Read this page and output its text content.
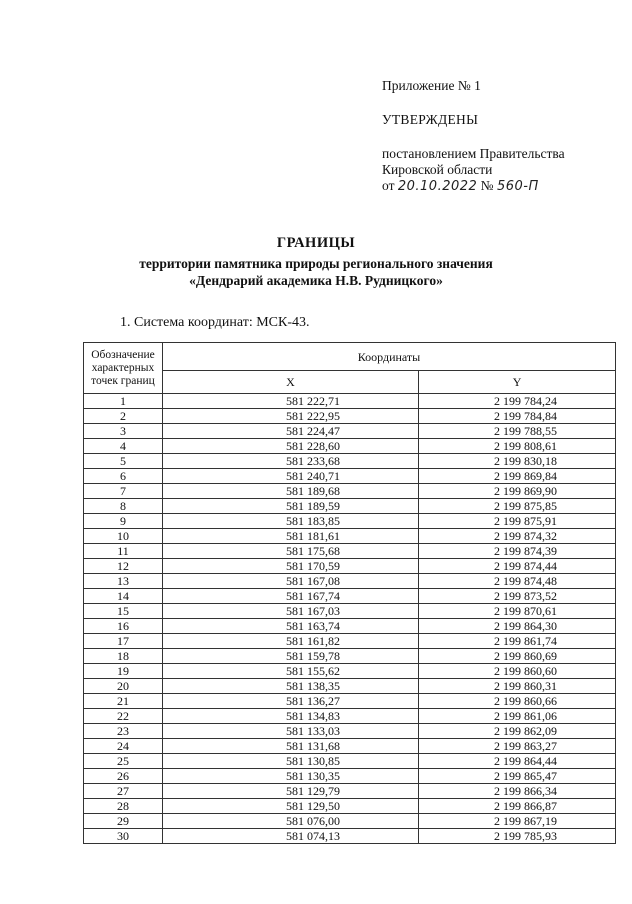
Приложение № 1
УТВЕРЖДЕНЫ
постановлением Правительства
Кировской области
от 20.10.2022 № 560-П
ГРАНИЦЫ
территории памятника природы регионального значения
«Дендрарий академика Н.В. Рудницкого»
1. Система координат: МСК-43.
Обозначение характерных точек границ	Координаты	
	X	Y
1	581 222,71	2 199 784,24
2	581 222,95	2 199 784,84
3	581 224,47	2 199 788,55
4	581 228,60	2 199 808,61
5	581 233,68	2 199 830,18
6	581 240,71	2 199 869,84
7	581 189,68	2 199 869,90
8	581 189,59	2 199 875,85
9	581 183,85	2 199 875,91
10	581 181,61	2 199 874,32
11	581 175,68	2 199 874,39
12	581 170,59	2 199 874,44
13	581 167,08	2 199 874,48
14	581 167,74	2 199 873,52
15	581 167,03	2 199 870,61
16	581 163,74	2 199 864,30
17	581 161,82	2 199 861,74
18	581 159,78	2 199 860,69
19	581 155,62	2 199 860,60
20	581 138,35	2 199 860,31
21	581 136,27	2 199 860,66
22	581 134,83	2 199 861,06
23	581 133,03	2 199 862,09
24	581 131,68	2 199 863,27
25	581 130,85	2 199 864,44
26	581 130,35	2 199 865,47
27	581 129,79	2 199 866,34
28	581 129,50	2 199 866,87
29	581 076,00	2 199 867,19
30	581 074,13	2 199 785,93
